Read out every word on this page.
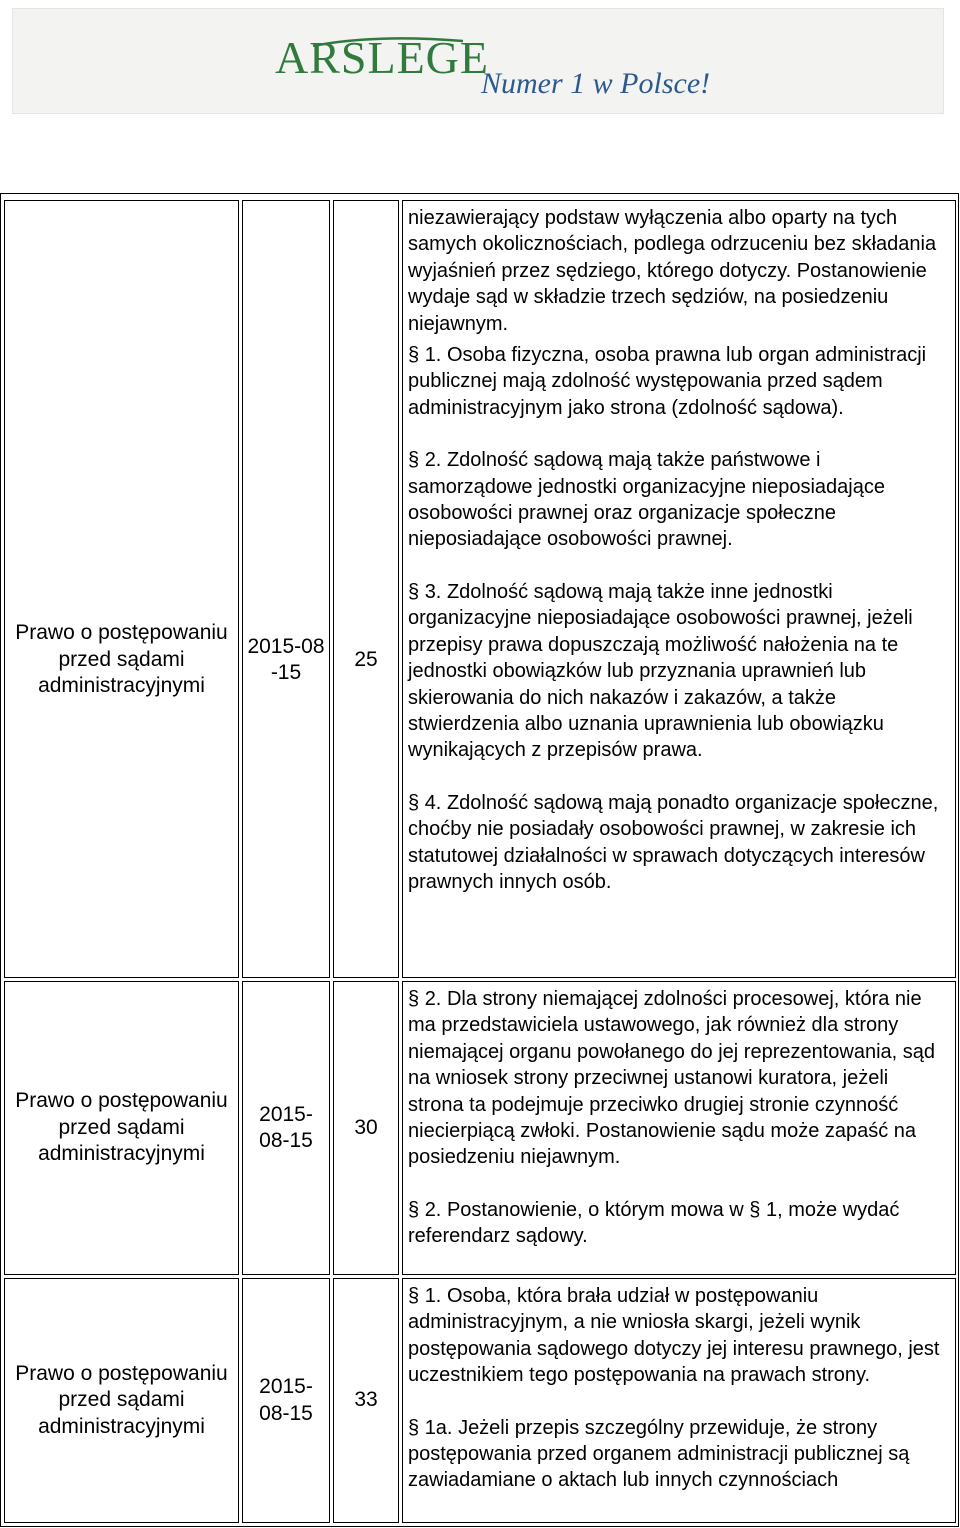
ARSLEGE
Numer 1 w Polsce!

niezawierający podstaw wyłączenia albo oparty na tych samych okolicznościach, podlega odrzuceniu bez składania wyjaśnień przez sędziego, którego dotyczy. Postanowienie wydaje sąd w składzie trzech sędziów, na posiedzeniu niejawnym.

§ 1. Osoba fizyczna, osoba prawna lub organ administracji publicznej mają zdolność występowania przed sądem administracyjnym jako strona (zdolność sądowa).

§ 2. Zdolność sądową mają także państwowe i samorządowe jednostki organizacyjne nieposiadające osobowości prawnej oraz organizacje społeczne nieposiadające osobowości prawnej.

§ 3. Zdolność sądową mają także inne jednostki organizacyjne nieposiadające osobowości prawnej, jeżeli przepisy prawa dopuszczają możliwość nałożenia na te jednostki obowiązków lub przyznania uprawnień lub skierowania do nich nakazów i zakazów, a także stwierdzenia albo uznania uprawnienia lub obowiązku wynikających z przepisów prawa.

§ 4. Zdolność sądową mają ponadto organizacje społeczne, choćby nie posiadały osobowości prawnej, w zakresie ich statutowej działalności w sprawach dotyczących interesów prawnych innych osób.

Prawo o postępowaniu przed sądami administracyjnymi
2015-08-15
25
Prawo o postępowaniu przed sądami administracyjnymi
2015-08-15
30

§ 2. Dla strony niemającej zdolności procesowej, która nie ma przedstawiciela ustawowego, jak również dla strony niemającej organu powołanego do jej reprezentowania, sąd na wniosek strony przeciwnej ustanowi kuratora, jeżeli strona ta podejmuje przeciwko drugiej stronie czynność niecierpiącą zwłoki. Postanowienie sądu może zapaść na posiedzeniu niejawnym.

§ 2. Postanowienie, o którym mowa w § 1, może wydać referendarz sądowy.

Prawo o postępowaniu przed sądami administracyjnymi
2015-08-15
33

§ 1. Osoba, która brała udział w postępowaniu administracyjnym, a nie wniosła skargi, jeżeli wynik postępowania sądowego dotyczy jej interesu prawnego, jest uczestnikiem tego postępowania na prawach strony.

§ 1a. Jeżeli przepis szczególny przewiduje, że strony postępowania przed organem administracji publicznej są zawiadamiane o aktach lub innych czynnościach
